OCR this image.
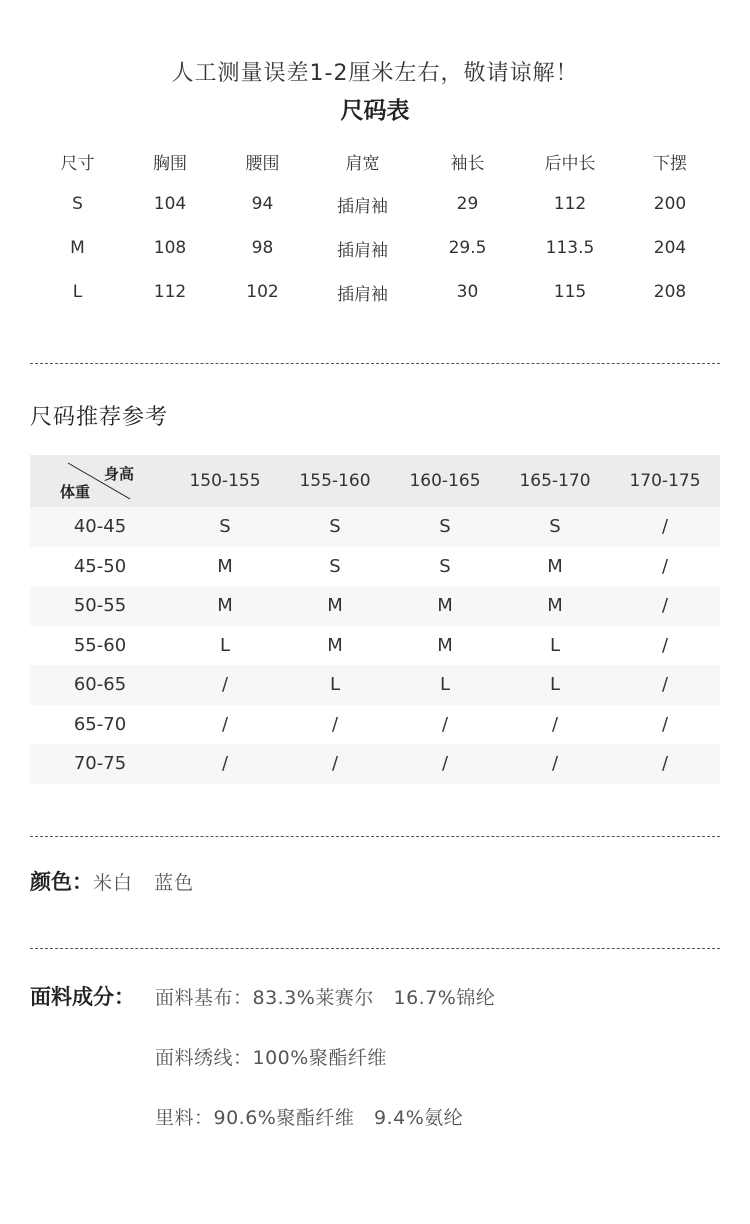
人工测量误差1-2厘米左右，敬请谅解！
尺码表
尺寸	胸围	腰围	肩宽	袖长	后中长	下摆
S	104	94	插肩袖	29	112	200
M	108	98	插肩袖	29.5	113.5	204
L	112	102	插肩袖	30	115	208
尺码推荐参考
身高
体重
150-155	155-160	160-165	165-170	170-175
40-45	S	S	S	S	/
45-50	M	S	S	M	/
50-55	M	M	M	M	/
55-60	L	M	M	L	/
60-65	/	L	L	L	/
65-70	/	/	/	/	/
70-75	/	/	/	/	/
颜色：米白   蓝色
面料成分： 面料基布：83.3%莱赛尔   16.7%锦纶
面料绣线：100%聚酯纤维
里料：90.6%聚酯纤维   9.4%氨纶
